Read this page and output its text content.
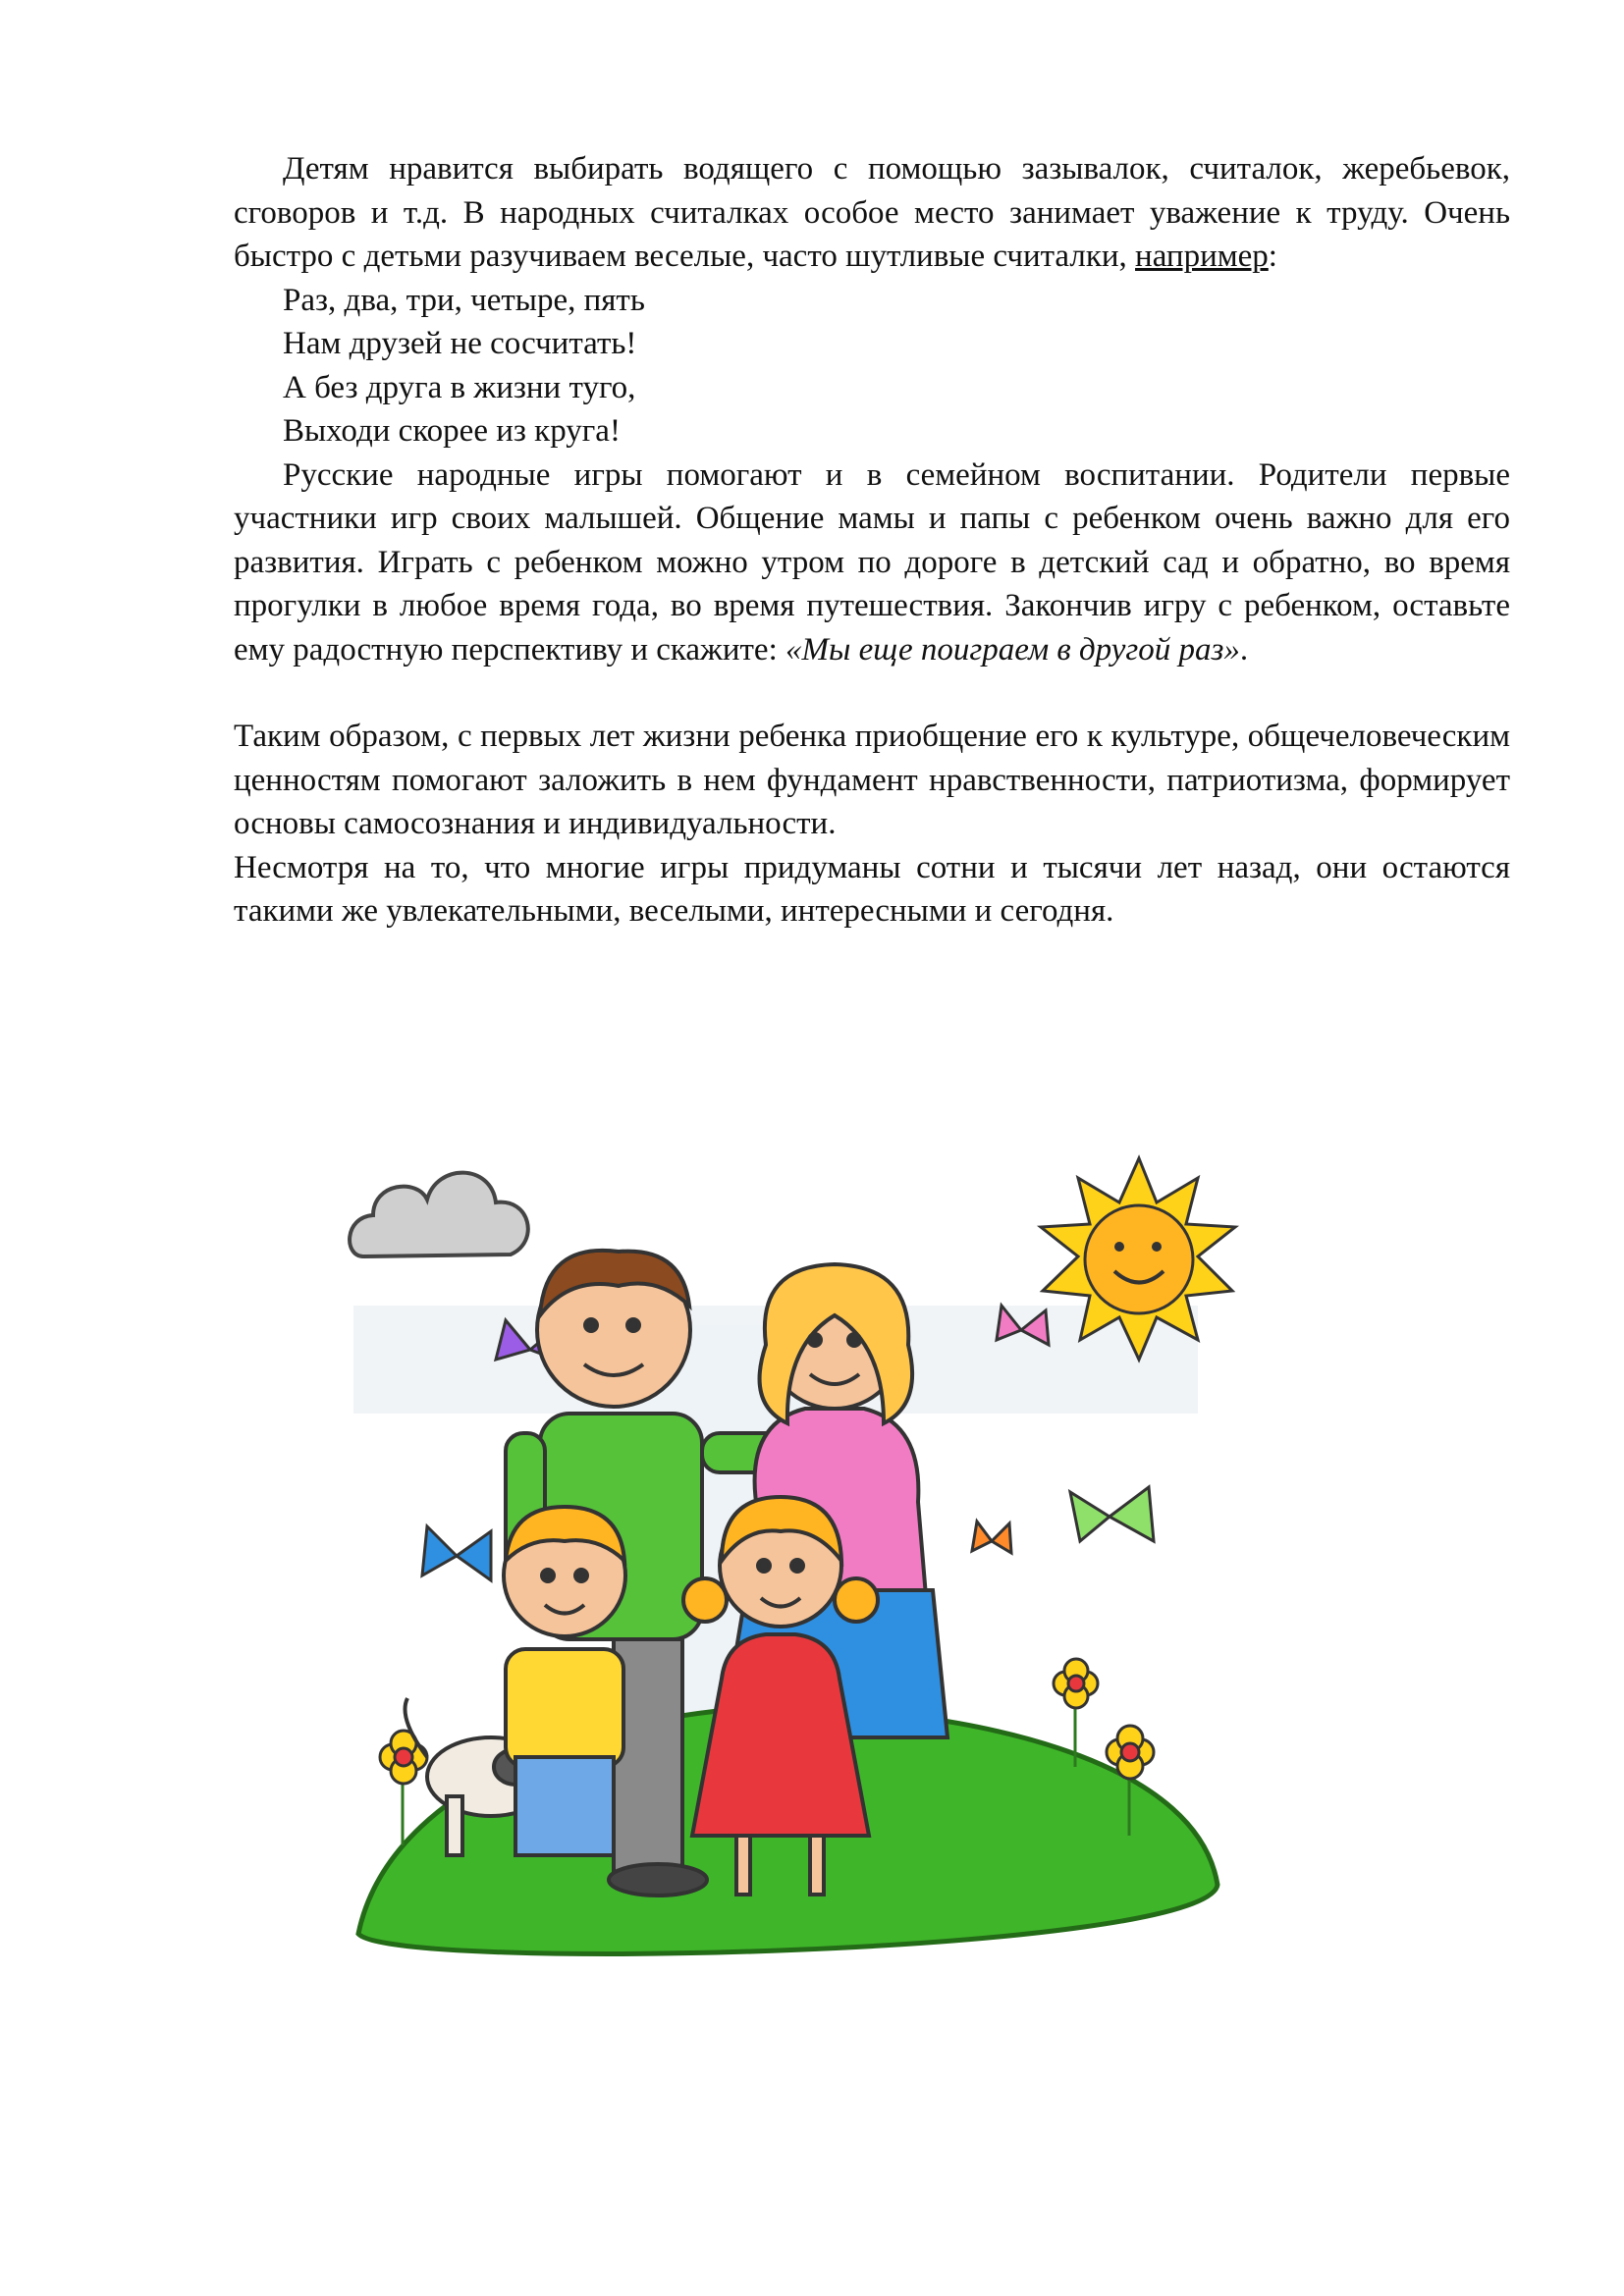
Детям нравится выбирать водящего с помощью зазывалок, считалок, жеребьевок, сговоров и т.д. В народных считалках особое место занимает уважение к труду. Очень быстро с детьми разучиваем веселые, часто шутливые считалки, например:

Раз, два, три, четыре, пять

Нам друзей не сосчитать!

А без друга в жизни туго,

Выходи скорее из круга!

Русские народные игры помогают и в семейном воспитании. Родители первые участники игр своих малышей. Общение мамы и папы с ребенком очень важно для его развития. Играть с ребенком можно утром по дороге в детский сад и обратно, во время прогулки в любое время года, во время путешествия. Закончив игру с ребенком, оставьте ему радостную перспективу и скажите: «Мы еще поиграем в другой раз».

Таким образом, с первых лет жизни ребенка приобщение его к культуре, общечеловеческим ценностям помогают заложить в нем фундамент нравственности, патриотизма, формирует основы самосознания и индивидуальности.

Несмотря на то, что многие игры придуманы сотни и тысячи лет назад, они остаются такими же увлекательными, веселыми, интересными и сегодня.
